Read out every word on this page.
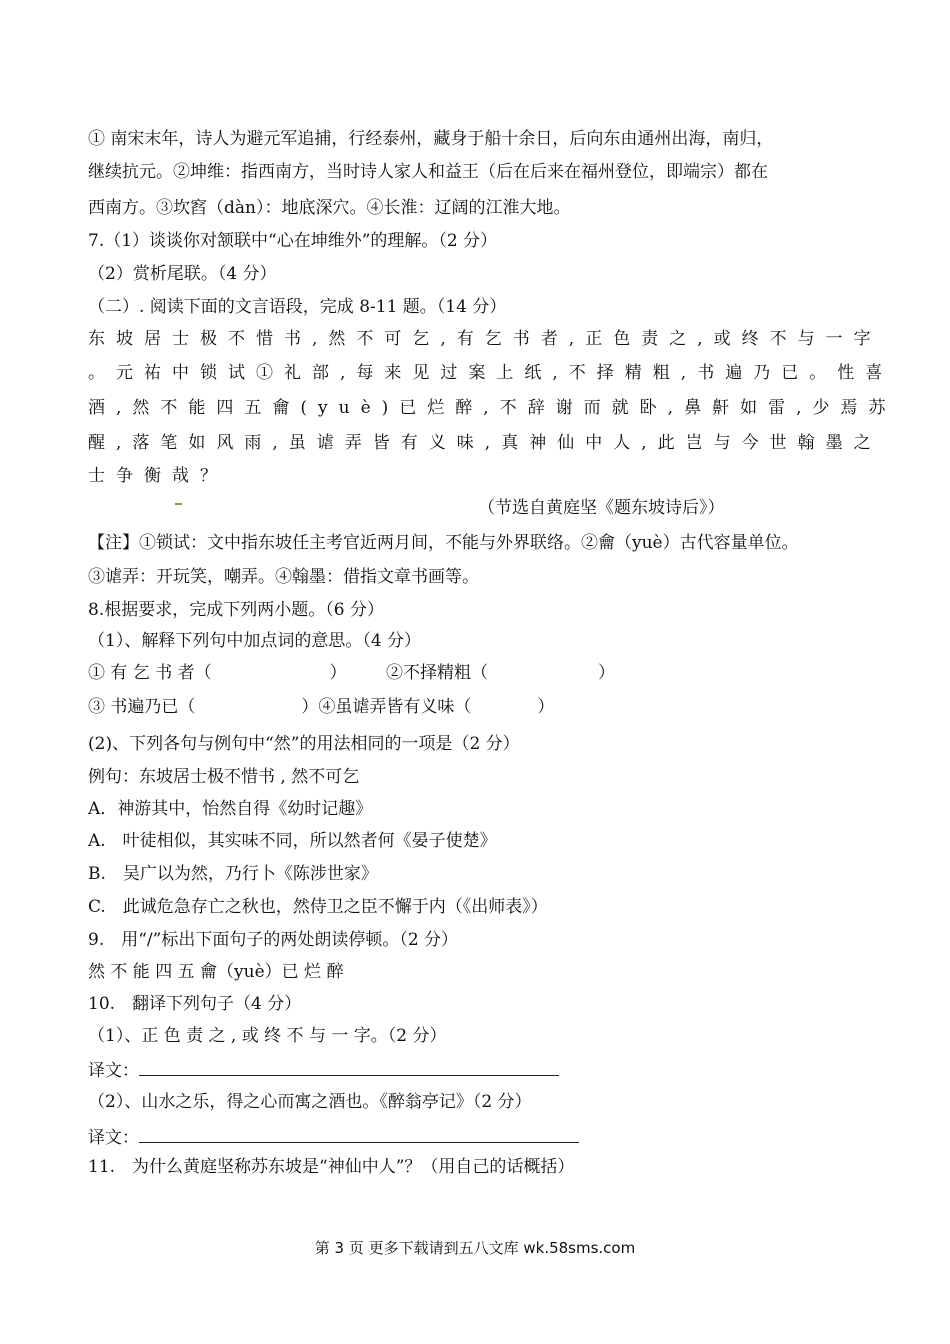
① 南宋末年，诗人为避元军追捕，行经泰州，藏身于船十余日，后向东由通州出海，南归，
继续抗元。②坤维：指西南方，当时诗人家人和益王（后在后来在福州登位，即端宗）都在
西南方。③坎窞（dàn）：地底深穴。④长淮：辽阔的江淮大地。
7.（1）谈谈你对颔联中“心在坤维外”的理解。（2 分）
（2）赏析尾联。（4 分）
（二）. 阅读下面的文言语段，完成 8-11 题。（14 分）
东坡居士极不惜书,然不可乞,有乞书者,正色责之,或终不与一字
。元祐中锁试①礼部,每来见过案上纸,不择精粗,书遍乃已。性喜
酒,然不能四五龠(yuè)已烂醉,不辞谢而就卧,鼻鼾如雷,少焉苏
醒,落笔如风雨,虽谑弄皆有义味,真神仙中人,此岂与今世翰墨之
士争衡哉？
（节选自黄庭坚《题东坡诗后》）
【注】①锁试：文中指东坡任主考官近两月间，不能与外界联络。②龠（yuè）古代容量单位。
③谑弄：开玩笑，嘲弄。④翰墨：借指文章书画等。
8.根据要求，完成下列两小题。（6 分）
（1）、解释下列句中加点词的意思。（4 分）
① 有 乞 书 者（	） ②不择精粗（	）
③ 书遍乃已（	）④虽谑弄皆有义味（	）
(2)、下列各句与例句中“然”的用法相同的一项是（2 分）
例句：东坡居士极不惜书 , 然不可乞
A．神游其中，怡然自得《幼时记趣》
A.　叶徒相似，其实味不同，所以然者何《晏子使楚》
B.　吴广以为然，乃行卜《陈涉世家》
C.　此诚危急存亡之秋也，然侍卫之臣不懈于内（《出师表》）
9.　用“/”标出下面句子的两处朗读停顿。（2 分）
然 不 能 四 五 龠（yuè）已 烂 醉
10.　翻译下列句子（4 分）
（1）、正 色 责 之 , 或 终 不 与 一 字。（2 分）
译文：
（2）、山水之乐，得之心而寓之酒也。《醉翁亭记》（2 分）
译文：
11.　为什么黄庭坚称苏东坡是“神仙中人”？（用自己的话概括）
第 3 页 更多下载请到五八文库 wk.58sms.com
